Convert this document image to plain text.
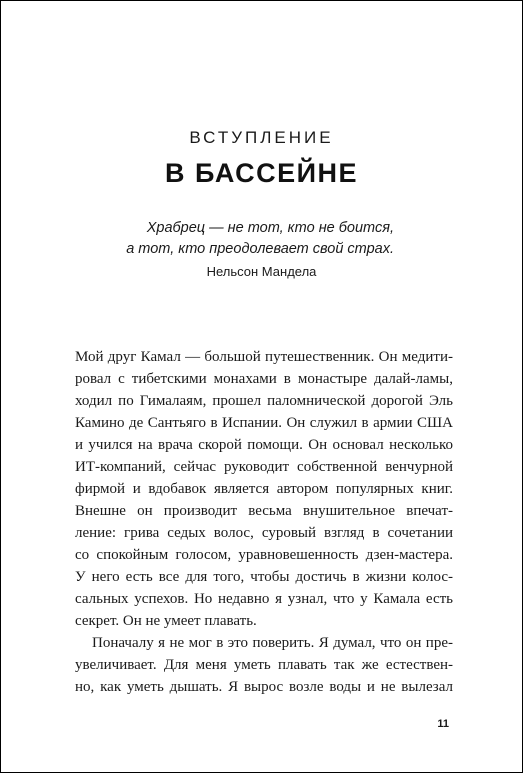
ВСТУПЛЕНИЕ
В БАССЕЙНЕ
Храбрец — не тот, кто не боится,
а тот, кто преодолевает свой страх.
Нельсон Мандела
Мой друг Камал — большой путешественник. Он медити-
ровал с тибетскими монахами в монастыре далай-ламы,
ходил по Гималаям, прошел паломнической дорогой Эль
Камино де Сантьяго в Испании. Он служил в армии США
и учился на врача скорой помощи. Он основал несколько
ИТ-компаний, сейчас руководит собственной венчурной
фирмой и вдобавок является автором популярных книг.
Внешне он производит весьма внушительное впечат-
ление: грива седых волос, суровый взгляд в сочетании
со спокойным голосом, уравновешенность дзен-мастера.
У него есть все для того, чтобы достичь в жизни колос-
сальных успехов. Но недавно я узнал, что у Камала есть
секрет. Он не умеет плавать.
Поначалу я не мог в это поверить. Я думал, что он пре-
увеличивает. Для меня уметь плавать так же естествен-
но, как уметь дышать. Я вырос возле воды и не вылезал
11
